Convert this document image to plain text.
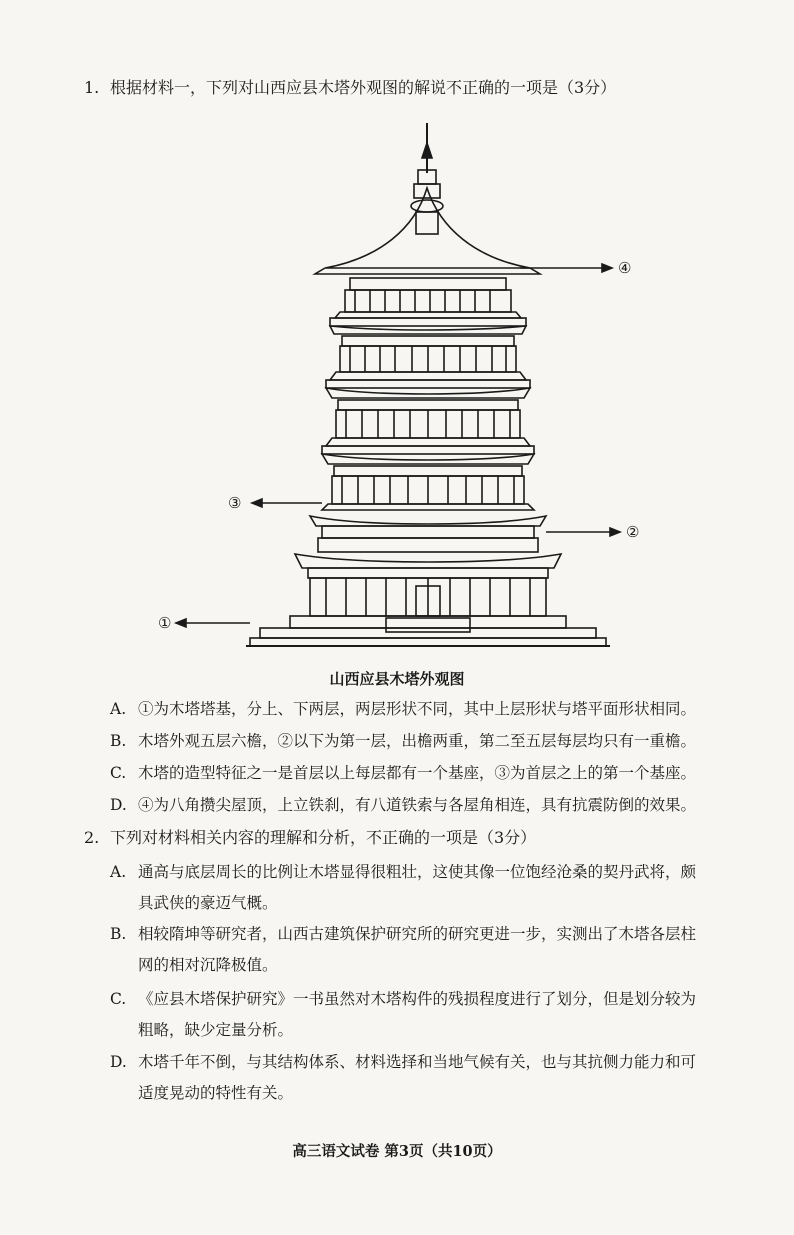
1. 根据材料一，下列对山西应县木塔外观图的解说不正确的一项是（3分）
④
③
②
①
山西应县木塔外观图
A. ①为木塔塔基，分上、下两层，两层形状不同，其中上层形状与塔平面形状相同。
B. 木塔外观五层六檐，②以下为第一层，出檐两重，第二至五层每层均只有一重檐。
C. 木塔的造型特征之一是首层以上每层都有一个基座，③为首层之上的第一个基座。
D. ④为八角攒尖屋顶，上立铁刹，有八道铁索与各屋角相连，具有抗震防倒的效果。
2. 下列对材料相关内容的理解和分析，不正确的一项是（3分）
A. 通高与底层周长的比例让木塔显得很粗壮，这使其像一位饱经沧桑的契丹武将，颇
具武侠的豪迈气概。
B. 相较隋坤等研究者，山西古建筑保护研究所的研究更进一步，实测出了木塔各层柱
网的相对沉降极值。
C. 《应县木塔保护研究》一书虽然对木塔构件的残损程度进行了划分，但是划分较为
粗略，缺少定量分析。
D. 木塔千年不倒，与其结构体系、材料选择和当地气候有关，也与其抗侧力能力和可
适度晃动的特性有关。
高三语文试卷 第3页（共10页）
